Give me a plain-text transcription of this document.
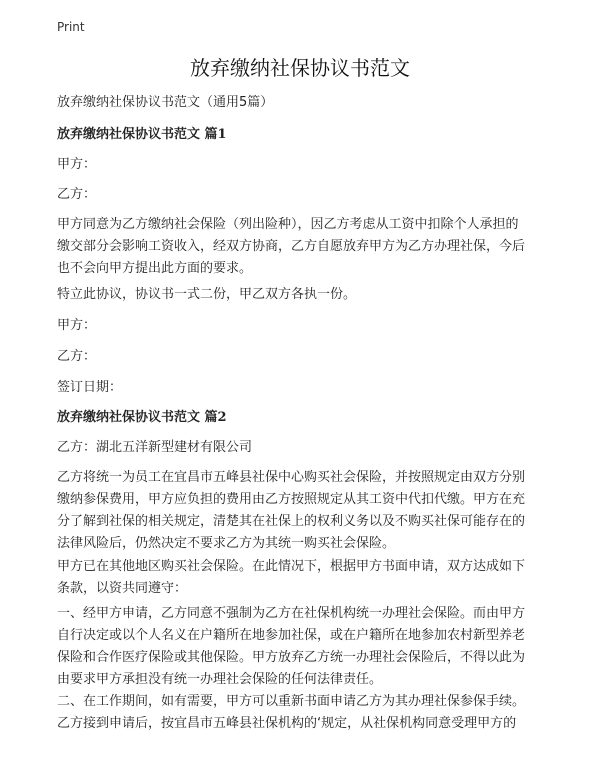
Print
放弃缴纳社保协议书范文
放弃缴纳社保协议书范文（通用5篇）
放弃缴纳社保协议书范文 篇1
甲方：
乙方：
甲方同意为乙方缴纳社会保险（列出险种），因乙方考虑从工资中扣除个人承担的
缴交部分会影响工资收入，经双方协商，乙方自愿放弃甲方为乙方办理社保，今后
也不会向甲方提出此方面的要求。
特立此协议，协议书一式二份，甲乙双方各执一份。
甲方：
乙方：
签订日期：
放弃缴纳社保协议书范文 篇2
乙方：湖北五洋新型建材有限公司
乙方将统一为员工在宜昌市五峰县社保中心购买社会保险，并按照规定由双方分别
缴纳参保费用，甲方应负担的费用由乙方按照规定从其工资中代扣代缴。甲方在充
分了解到社保的相关规定，清楚其在社保上的权利义务以及不购买社保可能存在的
法律风险后，仍然决定不要求乙方为其统一购买社会保险。
甲方已在其他地区购买社会保险。在此情况下，根据甲方书面申请，双方达成如下
条款，以资共同遵守：
一、经甲方申请，乙方同意不强制为乙方在社保机构统一办理社会保险。而由甲方
自行决定或以个人名义在户籍所在地参加社保，或在户籍所在地参加农村新型养老
保险和合作医疗保险或其他保险。甲方放弃乙方统一办理社会保险后，不得以此为
由要求甲方承担没有统一办理社会保险的任何法律责任。
二、在工作期间，如有需要，甲方可以重新书面申请乙方为其办理社保参保手续。
乙方接到申请后，按宜昌市五峰县社保机构的‘规定，从社保机构同意受理甲方的
